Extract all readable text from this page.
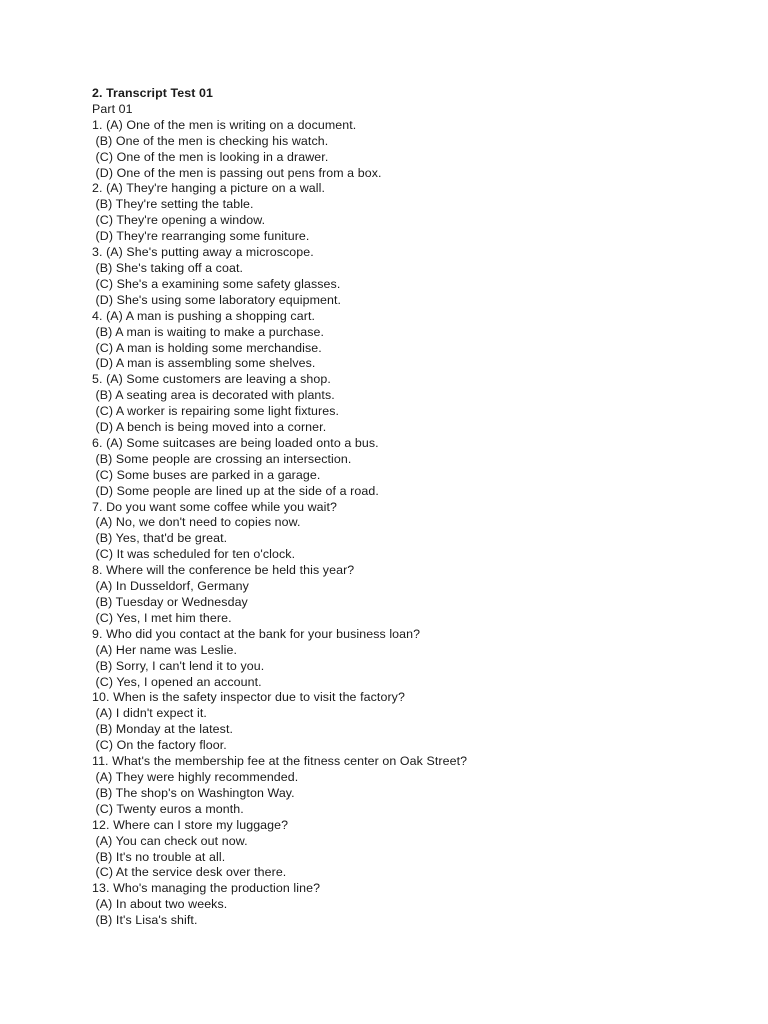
2. Transcript Test 01
Part 01
1. (A) One of the men is writing on a document.
(B) One of the men is checking his watch.
(C) One of the men is looking in a drawer.
(D) One of the men is passing out pens from a box.
2. (A) They're hanging a picture on a wall.
(B) They're setting the table.
(C) They're opening a window.
(D) They're rearranging some funiture.
3. (A) She's putting away a microscope.
(B) She's taking off a coat.
(C) She's a examining some safety glasses.
(D) She's using some laboratory equipment.
4. (A) A man is pushing a shopping cart.
(B) A man is waiting to make a purchase.
(C) A man is holding some merchandise.
(D) A man is assembling some shelves.
5. (A) Some customers are leaving a shop.
(B) A seating area is decorated with plants.
(C) A worker is repairing some light fixtures.
(D) A bench is being moved into a corner.
6. (A) Some suitcases are being loaded onto a bus.
(B) Some people are crossing an intersection.
(C) Some buses are parked in a garage.
(D) Some people are lined up at the side of a road.
7. Do you want some coffee while you wait?
(A) No, we don't need to copies now.
(B) Yes, that'd be great.
(C) It was scheduled for ten o'clock.
8. Where will the conference be held this year?
(A) In Dusseldorf, Germany
(B) Tuesday or Wednesday
(C) Yes, I met him there.
9. Who did you contact at the bank for your business loan?
(A) Her name was Leslie.
(B) Sorry, I can't lend it to you.
(C) Yes, I opened an account.
10. When is the safety inspector due to visit the factory?
(A) I didn't expect it.
(B) Monday at the latest.
(C) On the factory floor.
11. What's the membership fee at the fitness center on Oak Street?
(A) They were highly recommended.
(B) The shop's on Washington Way.
(C) Twenty euros a month.
12. Where can I store my luggage?
(A) You can check out now.
(B) It's no trouble at all.
(C) At the service desk over there.
13. Who's managing the production line?
(A) In about two weeks.
(B) It's Lisa's shift.
